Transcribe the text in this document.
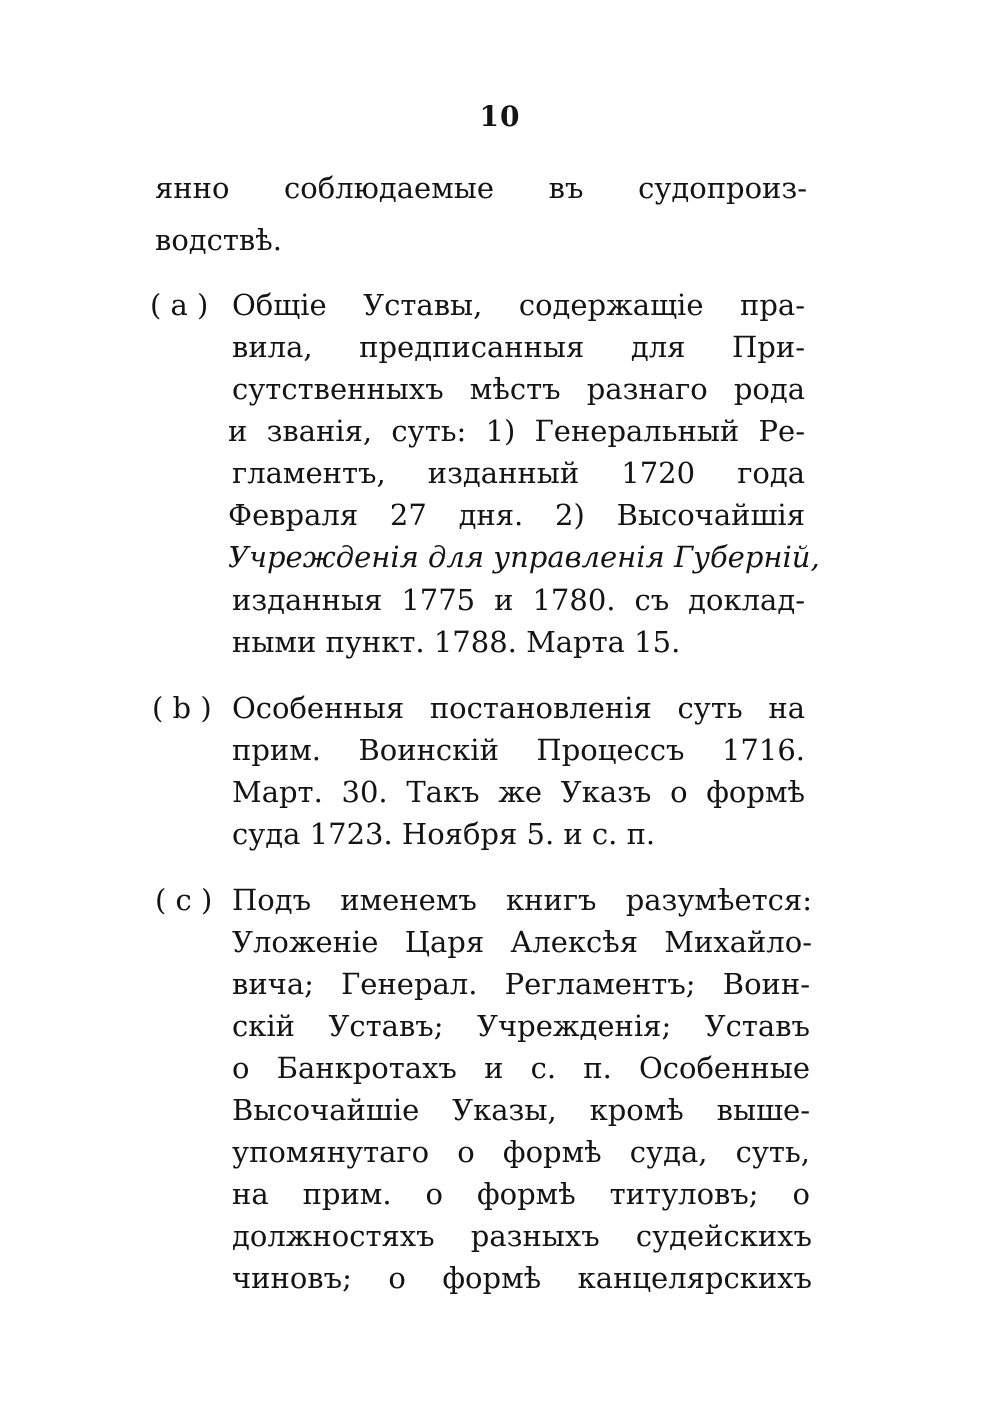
10
янно соблюдаемые въ судопроиз-
водствѣ.
( a ) Общіе Уставы, содержащіе пра-
вила, предписанныя для При-
сутственныхъ мѣстъ разнаго рода
и званія, суть: 1) Генеральный Ре-
гламентъ, изданный 1720 года
Февраля 27 дня. 2) Высочайшія
Учрежденія для управленія Губерній,
изданныя 1775 и 1780. съ доклад-
ными пункт. 1788. Марта 15.
( b ) Особенныя постановленія суть на
прим. Воинскій Процессъ 1716.
Март. 30. Такъ же Указъ о формѣ
суда 1723. Ноября 5. и с. п.
( c ) Подъ именемъ книгъ разумѣется:
Уложеніе Царя Алексѣя Михайло-
вича; Генерал. Регламентъ; Воин-
скій Уставъ; Учрежденія; Уставъ
о Банкротахъ и с. п. Особенные
Высочайшіе Указы, кромѣ выше-
упомянутаго о формѣ суда, суть,
на прим. о формѣ титуловъ; о
должностяхъ разныхъ судейскихъ
чиновъ; о формѣ канцелярскихъ
